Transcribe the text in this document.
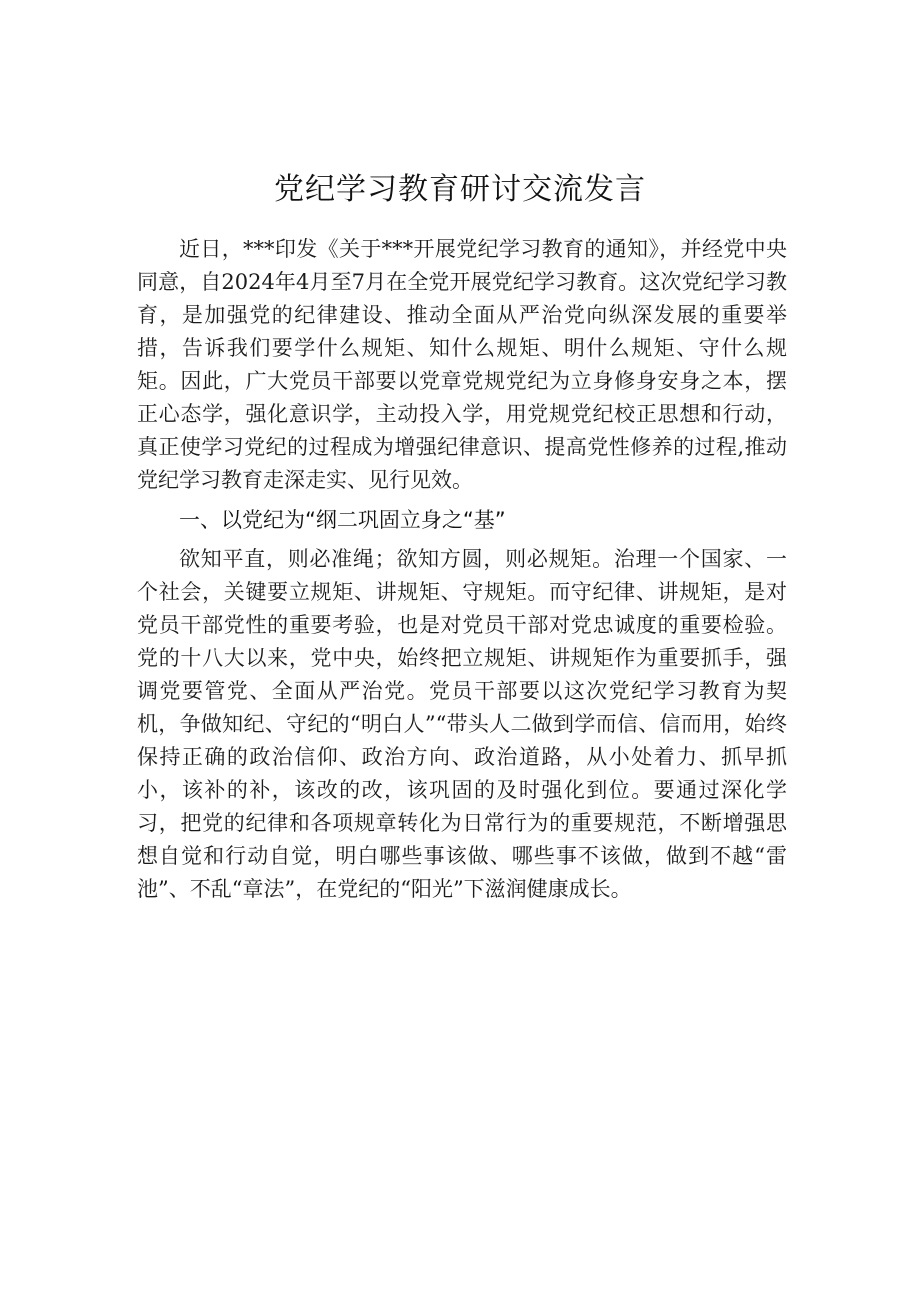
党纪学习教育研讨交流发言

近日，***印发《关于***开展党纪学习教育的通知》，并经党中央同意，自2024年4月至7月在全党开展党纪学习教育。这次党纪学习教育，是加强党的纪律建设、推动全面从严治党向纵深发展的重要举措，告诉我们要学什么规矩、知什么规矩、明什么规矩、守什么规矩。因此，广大党员干部要以党章党规党纪为立身修身安身之本，摆正心态学，强化意识学，主动投入学，用党规党纪校正思想和行动，真正使学习党纪的过程成为增强纪律意识、提高党性修养的过程,推动党纪学习教育走深走实、见行见效。

一、以党纪为“纲二巩固立身之“基”

欲知平直，则必准绳；欲知方圆，则必规矩。治理一个国家、一个社会，关键要立规矩、讲规矩、守规矩。而守纪律、讲规矩，是对党员干部党性的重要考验，也是对党员干部对党忠诚度的重要检验。党的十八大以来，党中央，始终把立规矩、讲规矩作为重要抓手，强调党要管党、全面从严治党。党员干部要以这次党纪学习教育为契机，争做知纪、守纪的“明白人”“带头人二做到学而信、信而用，始终保持正确的政治信仰、政治方向、政治道路，从小处着力、抓早抓小，该补的补，该改的改，该巩固的及时强化到位。要通过深化学习，把党的纪律和各项规章转化为日常行为的重要规范，不断增强思想自觉和行动自觉，明白哪些事该做、哪些事不该做，做到不越“雷池”、不乱“章法”，在党纪的“阳光”下滋润健康成长。
